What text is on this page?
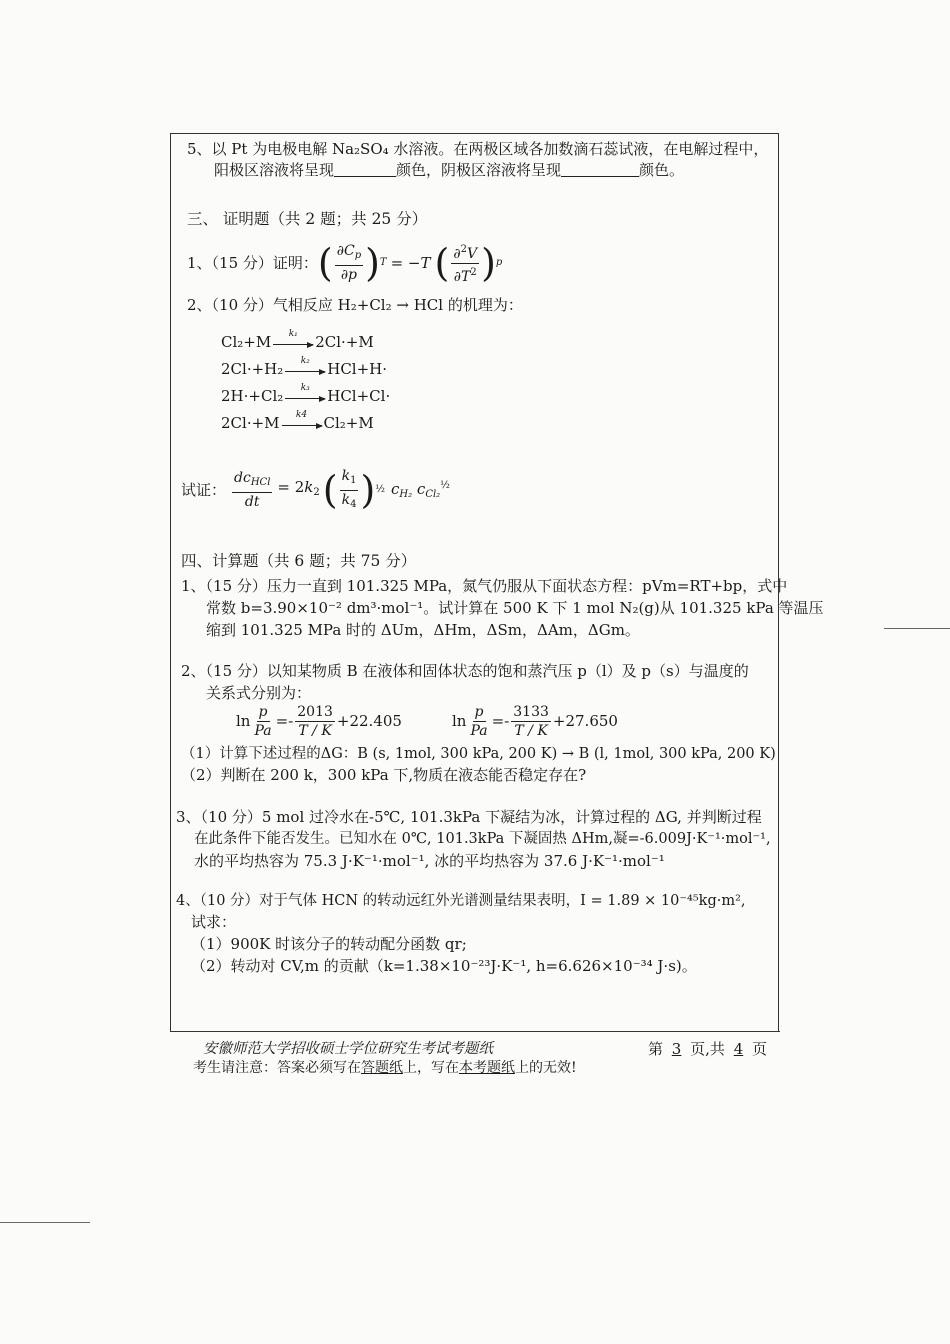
5、以 Pt 为电极电解 Na₂SO₄ 水溶液。在两极区域各加数滴石蕊试液，在电解过程中，
阳极区溶液将呈现	颜色，阴极区溶液将呈现	颜色。
三、 证明题（共 2 题；共 25 分）
1、（15 分）证明： ( $\frac{\partial C_p}{\partial p}$ ) T = −T ( $\frac{\partial^2V}{\partial T^2}$ ) p
2、（10 分）气相反应 H₂+Cl₂ → HCl 的机理为：
Cl₂+M	k₁	2Cl·+M
2Cl·+H₂	k₂	HCl+H·
2H·+Cl₂	k₃	HCl+Cl·
2Cl·+M	k4	Cl₂+M
试证： $\frac{dc_{HCl}}{dt} = 2k_2$ ( $\frac{k_1}{k_4}$ ) ½ $c_{H_2}$ $c_{Cl_2}^{\frac{1}{2}}$
四、计算题（共 6 题；共 75 分）
1、（15 分）压力一直到 101.325 MPa，氮气仍服从下面状态方程：pVm=RT+bp，式中
常数 b=3.90×10⁻² dm³·mol⁻¹。试计算在 500 K 下 1 mol N₂(g)从 101.325 kPa 等温压
缩到 101.325 MPa 时的 ΔUm，ΔHm，ΔSm，ΔAm，ΔGm。
2、（15 分）以知某物质 B 在液体和固体状态的饱和蒸汽压 p（l）及 p（s）与温度的
关系式分别为：
$\ln \frac{p}{Pa} =- \frac{2013}{T / K} +22.405$	$\ln \frac{p}{Pa} =- \frac{3133}{T / K} +27.650$
（1）计算下述过程的ΔG：B (s, 1mol, 300 kPa, 200 K) → B (l, 1mol, 300 kPa, 200 K)
（2）判断在 200 k，300 kPa 下,物质在液态能否稳定存在?
3、（10 分）5 mol 过冷水在-5℃, 101.3kPa 下凝结为冰，计算过程的 ΔG, 并判断过程
在此条件下能否发生。已知水在 0℃, 101.3kPa 下凝固热 ΔHm,凝=-6.009J·K⁻¹·mol⁻¹,
水的平均热容为 75.3 J·K⁻¹·mol⁻¹, 冰的平均热容为 37.6 J·K⁻¹·mol⁻¹
4、（10 分）对于气体 HCN 的转动远红外光谱测量结果表明，I = 1.89 × 10⁻⁴⁵kg·m²,
试求：
（1）900K 时该分子的转动配分函数 qr;
（2）转动对 CV,m 的贡献（k=1.38×10⁻²³J·K⁻¹, h=6.626×10⁻³⁴ J·s)。
安徽师范大学招收硕士学位研究生考试考题纸	第 3 页,共 4 页
考生请注意：答案必须写在答题纸上，写在本考题纸上的无效!
